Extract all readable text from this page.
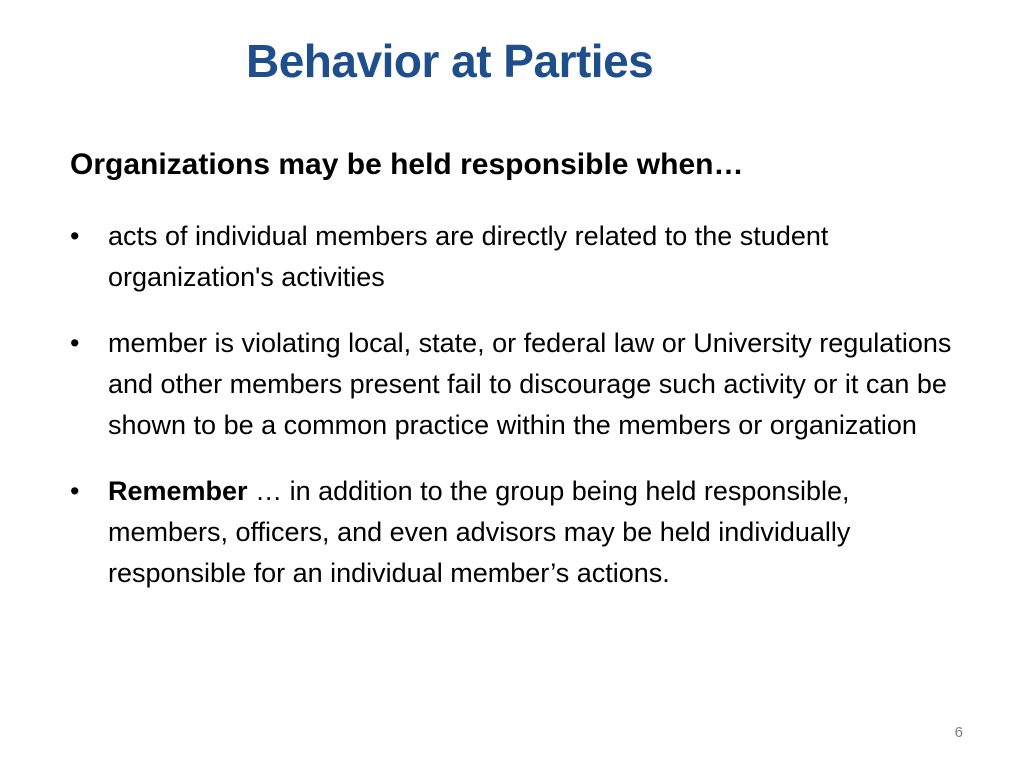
Behavior at Parties
Organizations may be held responsible when…
• acts of individual members are directly related to the student organization's activities
• member is violating local, state, or federal law or University regulations and other members present fail to discourage such activity or it can be shown to be a common practice within the members or organization
• Remember … in addition to the group being held responsible, members, officers, and even advisors may be held individually responsible for an individual member’s actions.
6
